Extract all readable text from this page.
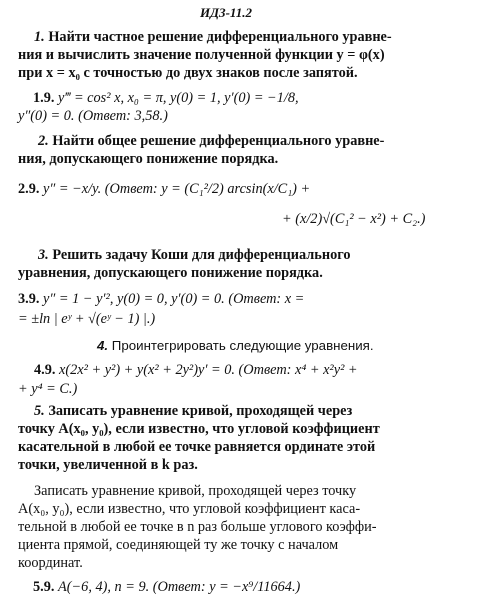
ИДЗ-11.2
1. Найти частное решение дифференциального уравне-
ния и вычислить значение полученной функции y = φ(x)
при x = x₀ с точностью до двух знаков после запятой.
1.9. y‴ = cos² x, x₀ = π, y(0) = 1, y′(0) = −1/8,
y″(0) = 0. (Ответ: 3,58.)
2. Найти общее решение дифференциального уравне-
ния, допускающего понижение порядка.
2.9. y″ = −x/y. (Ответ: y = (C₁²/2) arcsin(x/C₁) +
+ (x/2)√(C₁² − x²) + C₂.)
3. Решить задачу Коши для дифференциального
уравнения, допускающего понижение порядка.
3.9. y″ = 1 − y′², y(0) = 0, y′(0) = 0. (Ответ: x =
= ±ln | eʸ + √(eʸ − 1) |.)
4. Проинтегрировать следующие уравнения.
4.9. x(2x² + y²) + y(x² + 2y²)y′ = 0. (Ответ: x⁴ + x²y² +
+ y⁴ = C.)
5. Записать уравнение кривой, проходящей через
точку A(x₀, y₀), если известно, что угловой коэффициент
касательной в любой ее точке равняется ординате этой
точки, увеличенной в k раз.
Записать уравнение кривой, проходящей через точку
A(x₀, y₀), если известно, что угловой коэффициент каса-
тельной в любой ее точке в n раз больше углового коэффи-
циента прямой, соединяющей ту же точку с началом
координат.
5.9. A(−6, 4), n = 9. (Ответ: y = −x⁹/11664.)
